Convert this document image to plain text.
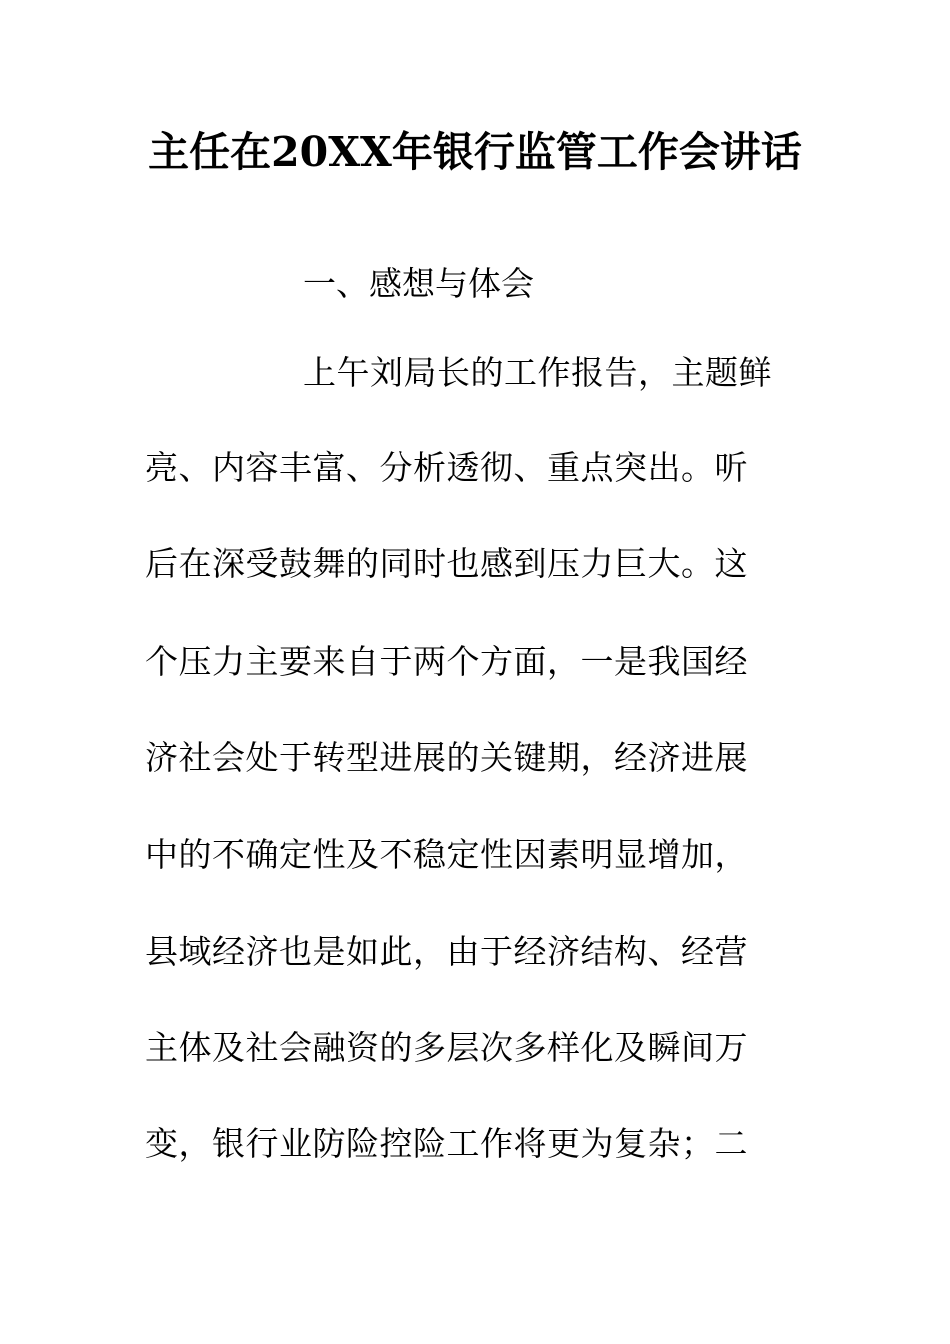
主任在20XX年银行监管工作会讲话
一、感想与体会
上午刘局长的工作报告，主题鲜
亮、内容丰富、分析透彻、重点突出。听
后在深受鼓舞的同时也感到压力巨大。这
个压力主要来自于两个方面，一是我国经
济社会处于转型进展的关键期，经济进展
中的不确定性及不稳定性因素明显增加，
县域经济也是如此，由于经济结构、经营
主体及社会融资的多层次多样化及瞬间万
变，银行业防险控险工作将更为复杂；二
